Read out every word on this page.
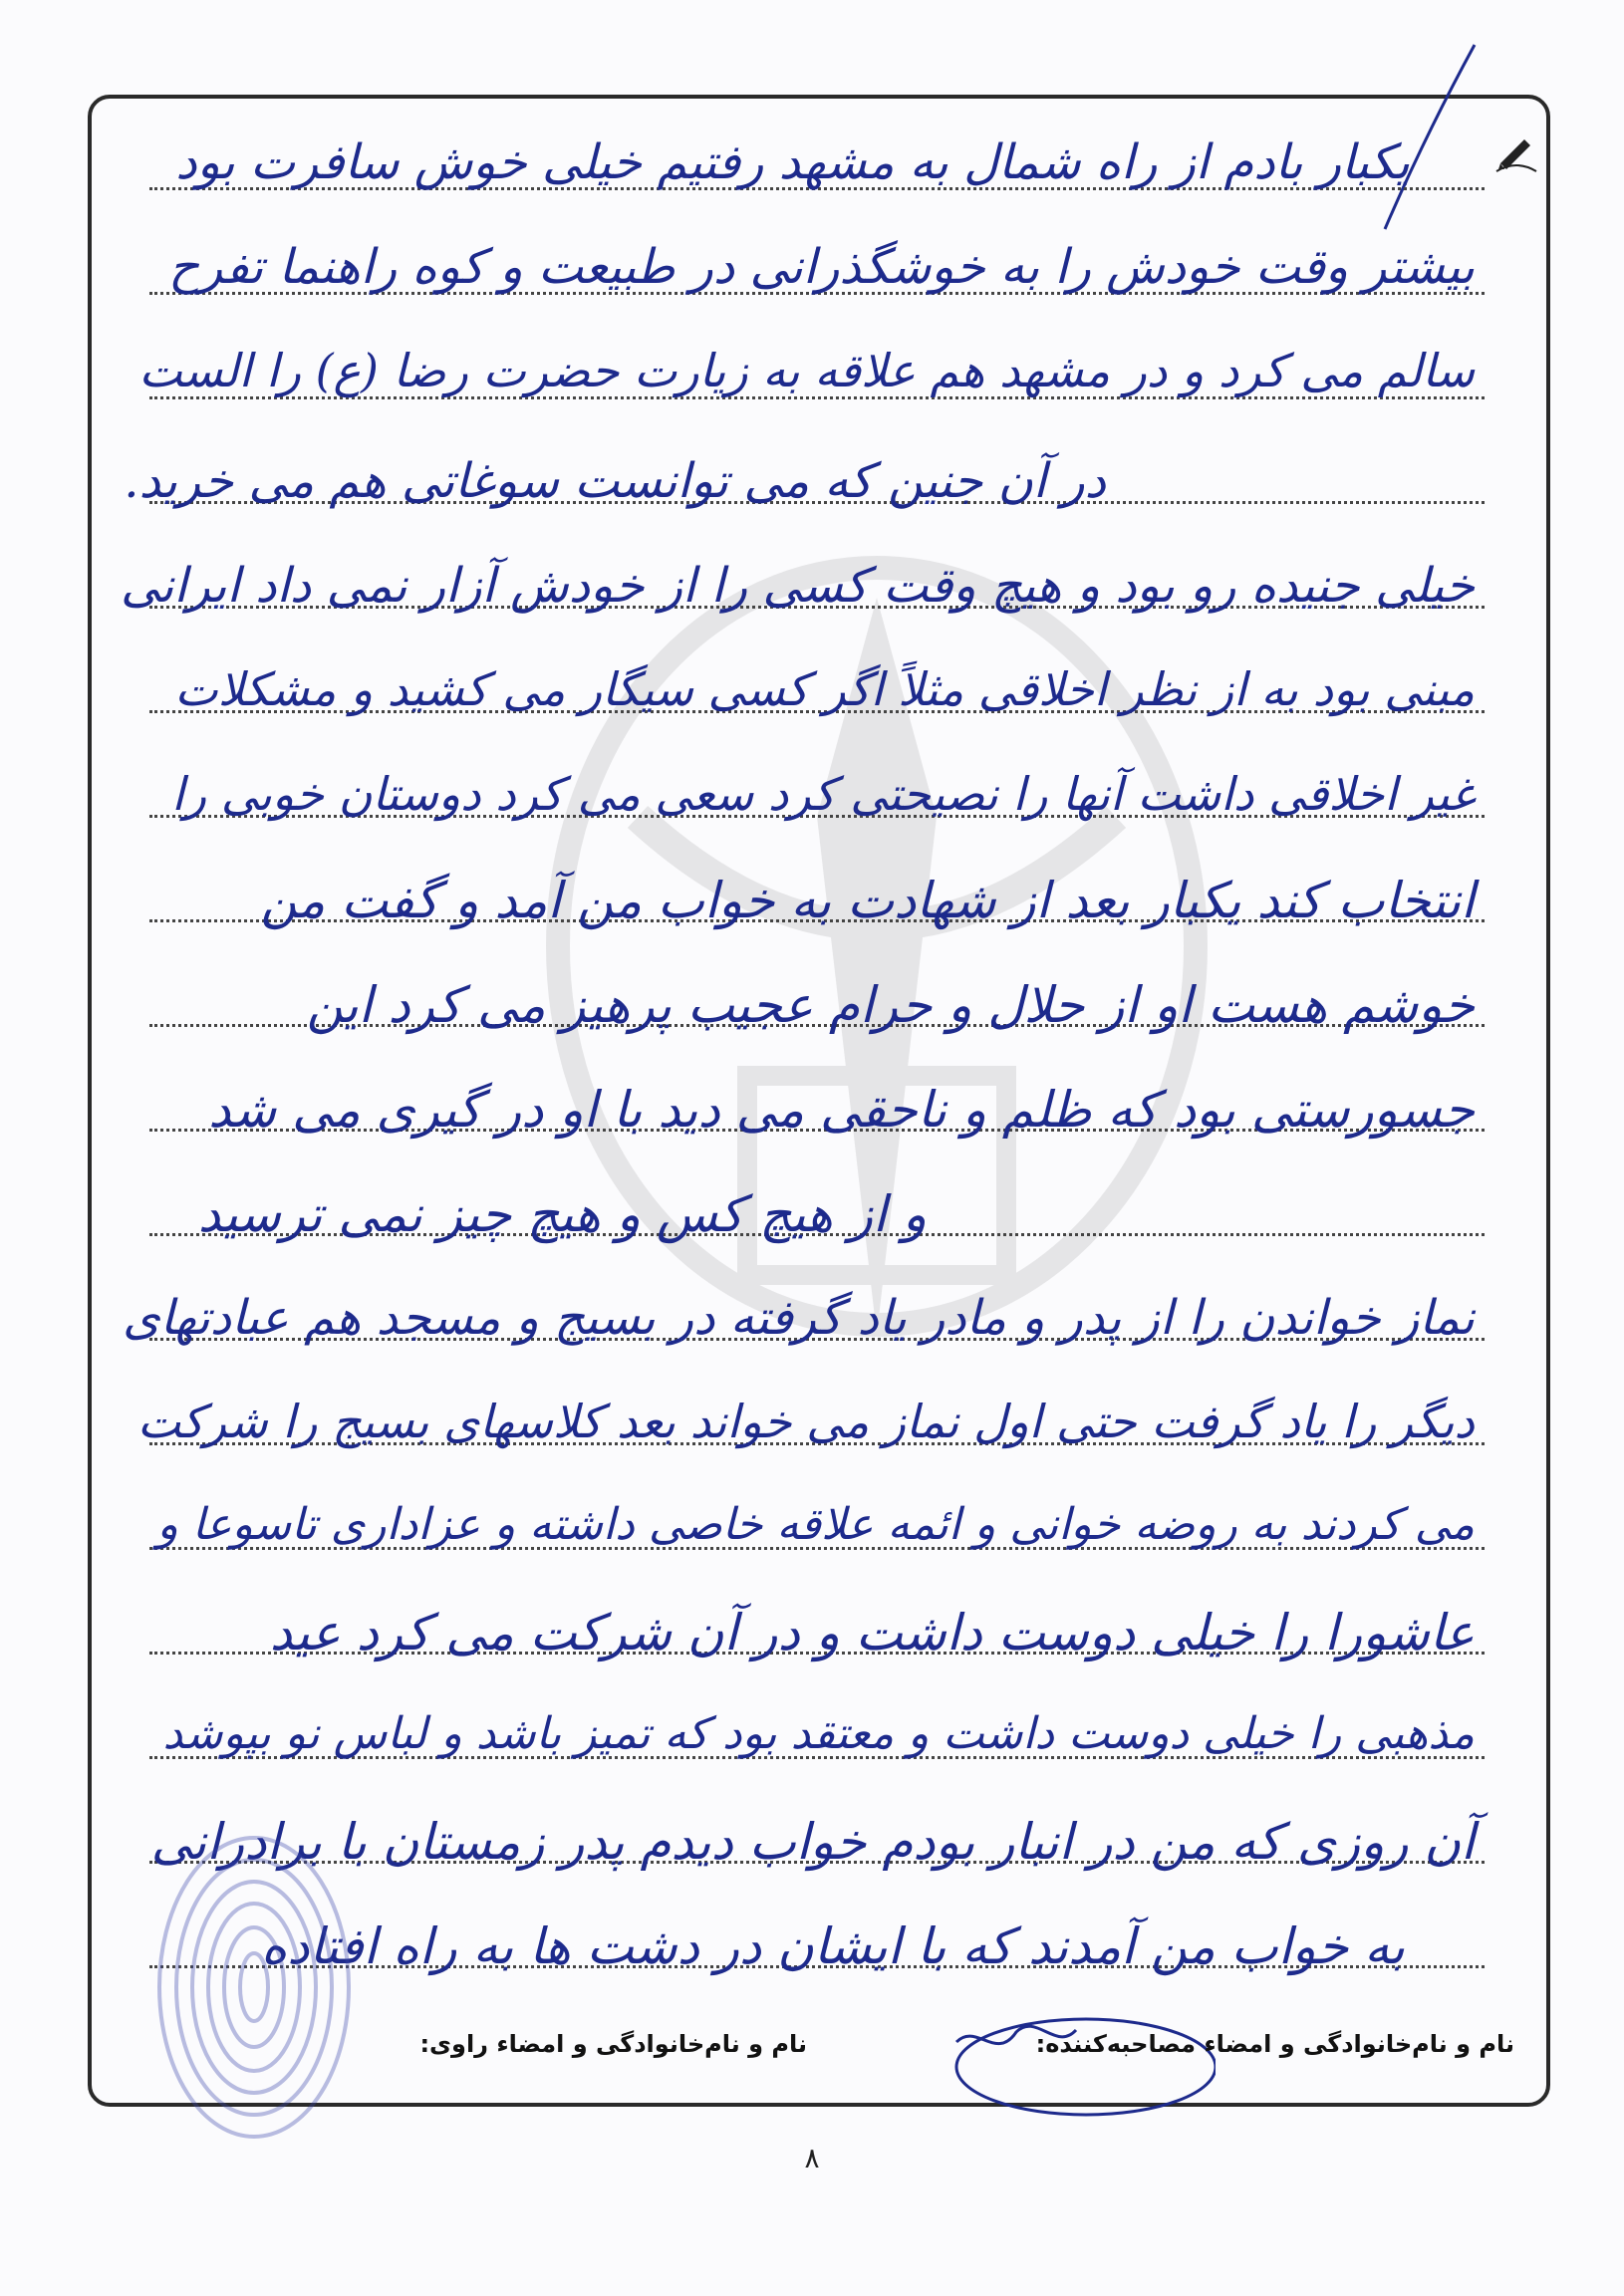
یکبار بادم از راه شمال به مشهد رفتیم خیلی خوش سافرت بود
بیشتر وقت خودش را به خوشگذرانی در طبیعت و کوه راهنما تفرح
سالم می کرد و در مشهد هم علاقه به زیارت حضرت رضا (ع) را الست
در آن جنین که می توانست سوغاتی هم می خرید.
خیلی جنیده رو بود و هیچ وقت کسی را از خودش آزار نمی داد ایرانی
مبنی بود به از نظر اخلاقی مثلاً اگر کسی سیگار می کشید و مشکلات
غیر اخلاقی داشت آنها را نصیحتی کرد سعی می کرد دوستان خوبی را
انتخاب کند یکبار بعد از شهادت به خواب من آمد و گفت من
خوشم هست او از حلال و حرام عجیب پرهیز می کرد این
جسورستی بود که ظلم و ناحقی می دید با او در گیری می شد
و از هیچ کس و هیچ چیز نمی ترسید
نماز خواندن را از پدر و مادر یاد گرفته در بسیج و مسجد هم عبادتهای
دیگر را یاد گرفت حتی اول نماز می خواند بعد کلاسهای بسیج را شرکت
می کردند به روضه خوانی و ائمه علاقه خاصی داشته و عزاداری تاسوعا و
عاشورا را خیلی دوست داشت و در آن شرکت می کرد عید
مذهبی را خیلی دوست داشت و معتقد بود که تمیز باشد و لباس نو بپوشد
آن روزی که من در انبار بودم خواب دیدم پدر زمستان با برادرانی
به خواب من آمدند که با ایشان در دشت ها به راه افتاده
نام و نام‌خانوادگی و امضاء مصاحبه‌کننده:
نام و نام‌خانوادگی و امضاء راوی:
۸
